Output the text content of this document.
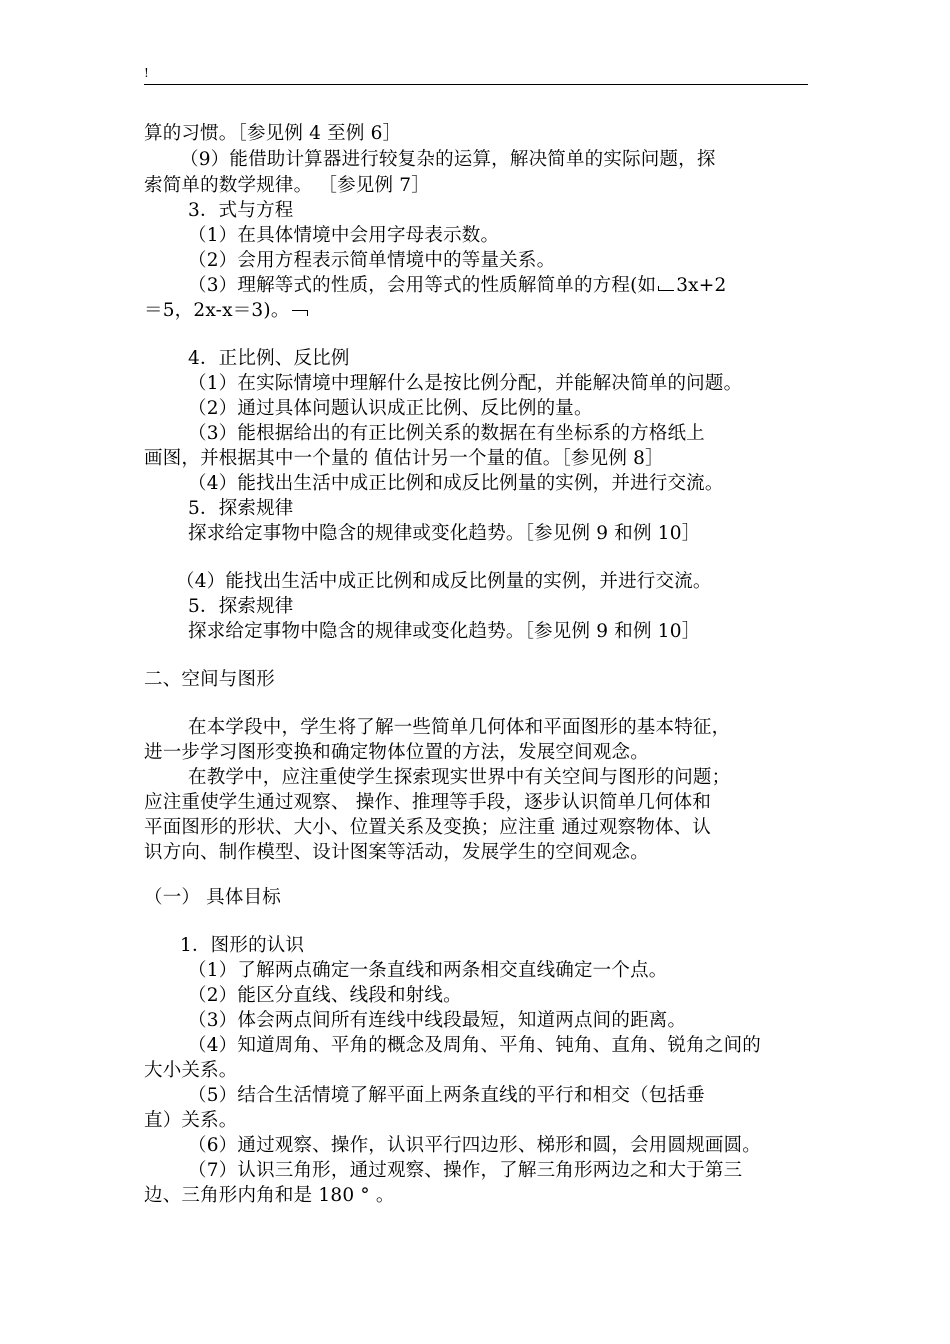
!
算的习惯。［参见例 4 至例 6］
（9）能借助计算器进行较复杂的运算，解决简单的实际问题，探
索简单的数学规律。 ［参见例 7］
3．式与方程
（1）在具体情境中会用字母表示数。
（2）会用方程表示简单情境中的等量关系。
（3）理解等式的性质，会用等式的性质解简单的方程(如 3x+2
＝5，2x-x＝3)。
4．正比例、反比例
（1）在实际情境中理解什么是按比例分配，并能解决简单的问题。
（2）通过具体问题认识成正比例、反比例的量。
（3）能根据给出的有正比例关系的数据在有坐标系的方格纸上
画图，并根据其中一个量的 值估计另一个量的值。［参见例 8］
（4）能找出生活中成正比例和成反比例量的实例，并进行交流。
5．探索规律
探求给定事物中隐含的规律或变化趋势。［参见例 9 和例 10］
（4）能找出生活中成正比例和成反比例量的实例，并进行交流。
5．探索规律
探求给定事物中隐含的规律或变化趋势。［参见例 9 和例 10］
二、空间与图形
在本学段中，学生将了解一些简单几何体和平面图形的基本特征，
进一步学习图形变换和确定物体位置的方法，发展空间观念。
在教学中，应注重使学生探索现实世界中有关空间与图形的问题；
应注重使学生通过观察、 操作、推理等手段，逐步认识简单几何体和
平面图形的形状、大小、位置关系及变换；应注重 通过观察物体、认
识方向、制作模型、设计图案等活动，发展学生的空间观念。
（一） 具体目标
1．图形的认识
（1）了解两点确定一条直线和两条相交直线确定一个点。
（2）能区分直线、线段和射线。
（3）体会两点间所有连线中线段最短，知道两点间的距离。
（4）知道周角、平角的概念及周角、平角、钝角、直角、锐角之间的
大小关系。
（5）结合生活情境了解平面上两条直线的平行和相交（包括垂
直）关系。
（6）通过观察、操作，认识平行四边形、梯形和圆，会用圆规画圆。
（7）认识三角形，通过观察、操作，了解三角形两边之和大于第三
边、三角形内角和是 180 ° 。
